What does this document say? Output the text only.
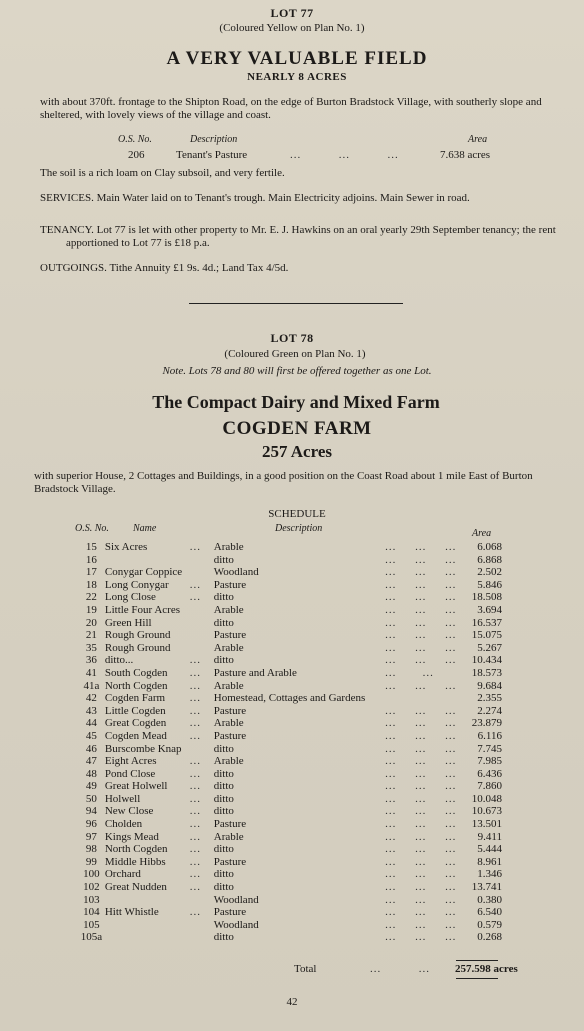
LOT 77
(Coloured Yellow on Plan No. 1)
A VERY VALUABLE FIELD
NEARLY 8 ACRES
with about 370ft. frontage to the Shipton Road, on the edge of Burton Bradstock Village, with southerly slope and sheltered, with lovely views of the village and coast.
O.S. No.	Description	Area
206	Tenant's Pasture	...          ...          ...	7.638 acres
The soil is a rich loam on Clay subsoil, and very fertile.
SERVICES. Main Water laid on to Tenant's trough. Main Electricity adjoins. Main Sewer in road.
TENANCY. Lot 77 is let with other property to Mr. E. J. Hawkins on an oral yearly 29th September tenancy; the rent apportioned to Lot 77 is £18 p.a.
OUTGOINGS. Tithe Annuity £1 9s. 4d.; Land Tax 4/5d.
LOT 78
(Coloured Green on Plan No. 1)
Note. Lots 78 and 80 will first be offered together as one Lot.
The Compact Dairy and Mixed Farm
COGDEN FARM
257 Acres
with superior House, 2 Cottages and Buildings, in a good position on the Coast Road about 1 mile East of Burton Bradstock Village.
SCHEDULE
O.S. No. Name	Description	Area
15	Six Acres	...	Arable	...     ...     ...	6.068
16			ditto	...     ...     ...	6.868
17	Conygar Coppice		Woodland	...     ...     ...	2.502
18	Long Conygar	...	Pasture	...     ...     ...	5.846
22	Long Close	...	ditto	...     ...     ...	18.508
19	Little Four Acres		Arable	...     ...     ...	3.694
20	Green Hill		ditto	...     ...     ...	16.537
21	Rough Ground		Pasture	...     ...     ...	15.075
35	Rough Ground		Arable	...     ...     ...	5.267
36	ditto...	...	ditto	...     ...     ...	10.434
41	South Cogden	...	Pasture and Arable	...       ...	18.573
41a	North Cogden	...	Arable	...     ...     ...	9.684
42	Cogden Farm	...	Homestead, Cottages and Gardens		2.355
43	Little Cogden	...	Pasture	...     ...     ...	2.274
44	Great Cogden	...	Arable	...     ...     ...	23.879
45	Cogden Mead	...	Pasture	...     ...     ...	6.116
46	Burscombe Knap		ditto	...     ...     ...	7.745
47	Eight Acres	...	Arable	...     ...     ...	7.985
48	Pond Close	...	ditto	...     ...     ...	6.436
49	Great Holwell	...	ditto	...     ...     ...	7.860
50	Holwell	...	ditto	...     ...     ...	10.048
94	New Close	...	ditto	...     ...     ...	10.673
96	Cholden	...	Pasture	...     ...     ...	13.501
97	Kings Mead	...	Arable	...     ...     ...	9.411
98	North Cogden	...	ditto	...     ...     ...	5.444
99	Middle Hibbs	...	Pasture	...     ...     ...	8.961
100	Orchard	...	ditto	...     ...     ...	1.346
102	Great Nudden	...	ditto	...     ...     ...	13.741
103			Woodland	...     ...     ...	0.380
104	Hitt Whistle	...	Pasture	...     ...     ...	6.540
105			Woodland	...     ...     ...	0.579
105a			ditto	...     ...     ...	0.268
Total	...          ... 257.598 acres
42
